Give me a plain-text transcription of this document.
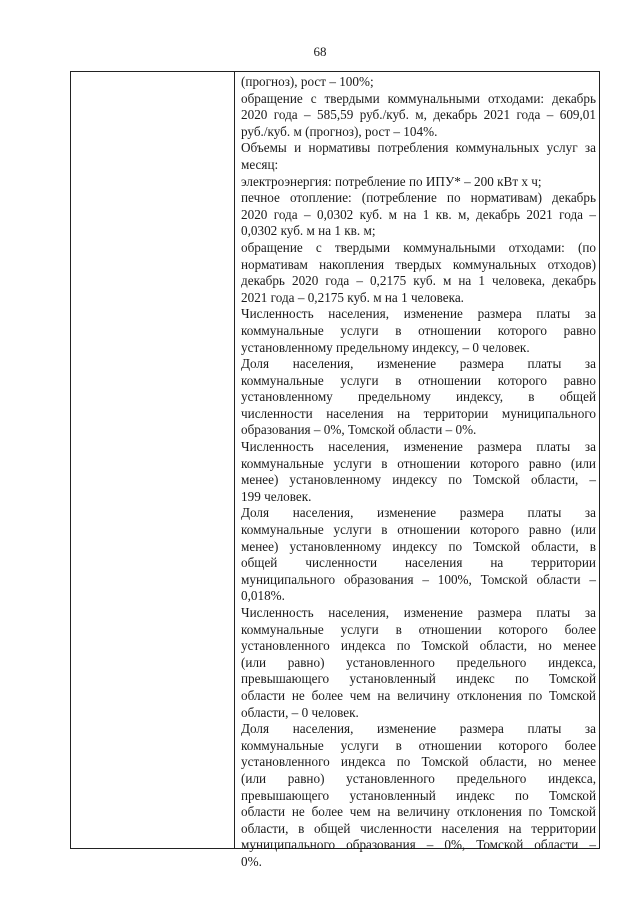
68
(прогноз), рост – 100%;
обращение с твердыми коммунальными отходами: декабрь
2020 года – 585,59 руб./куб. м, декабрь 2021 года – 609,01
руб./куб. м (прогноз), рост – 104%.
Объемы и нормативы потребления коммунальных услуг за
месяц:
электроэнергия: потребление по ИПУ* – 200 кВт х ч;
печное отопление: (потребление по нормативам) декабрь
2020 года – 0,0302 куб. м на 1 кв. м, декабрь 2021 года –
0,0302 куб. м на 1 кв. м;
обращение с твердыми коммунальными отходами: (по
нормативам накопления твердых коммунальных отходов)
декабрь 2020 года – 0,2175 куб. м на 1 человека, декабрь
2021 года – 0,2175 куб. м на 1 человека.
Численность населения, изменение размера платы за
коммунальные услуги в отношении которого равно
установленному предельному индексу, – 0 человек.
Доля населения, изменение размера платы за
коммунальные услуги в отношении которого равно
установленному предельному индексу, в общей
численности населения на территории муниципального
образования – 0%, Томской области – 0%.
Численность населения, изменение размера платы за
коммунальные услуги в отношении которого равно (или
менее) установленному индексу по Томской области, –
199 человек.
Доля населения, изменение размера платы за
коммунальные услуги в отношении которого равно (или
менее) установленному индексу по Томской области, в
общей численности населения на территории
муниципального образования – 100%, Томской области –
0,018%.
Численность населения, изменение размера платы за
коммунальные услуги в отношении которого более
установленного индекса по Томской области, но менее
(или равно) установленного предельного индекса,
превышающего установленный индекс по Томской
области не более чем на величину отклонения по Томской
области, – 0 человек.
Доля населения, изменение размера платы за
коммунальные услуги в отношении которого более
установленного индекса по Томской области, но менее
(или равно) установленного предельного индекса,
превышающего установленный индекс по Томской
области не более чем на величину отклонения по Томской
области, в общей численности населения на территории
муниципального образования – 0%, Томской области –
0%.
